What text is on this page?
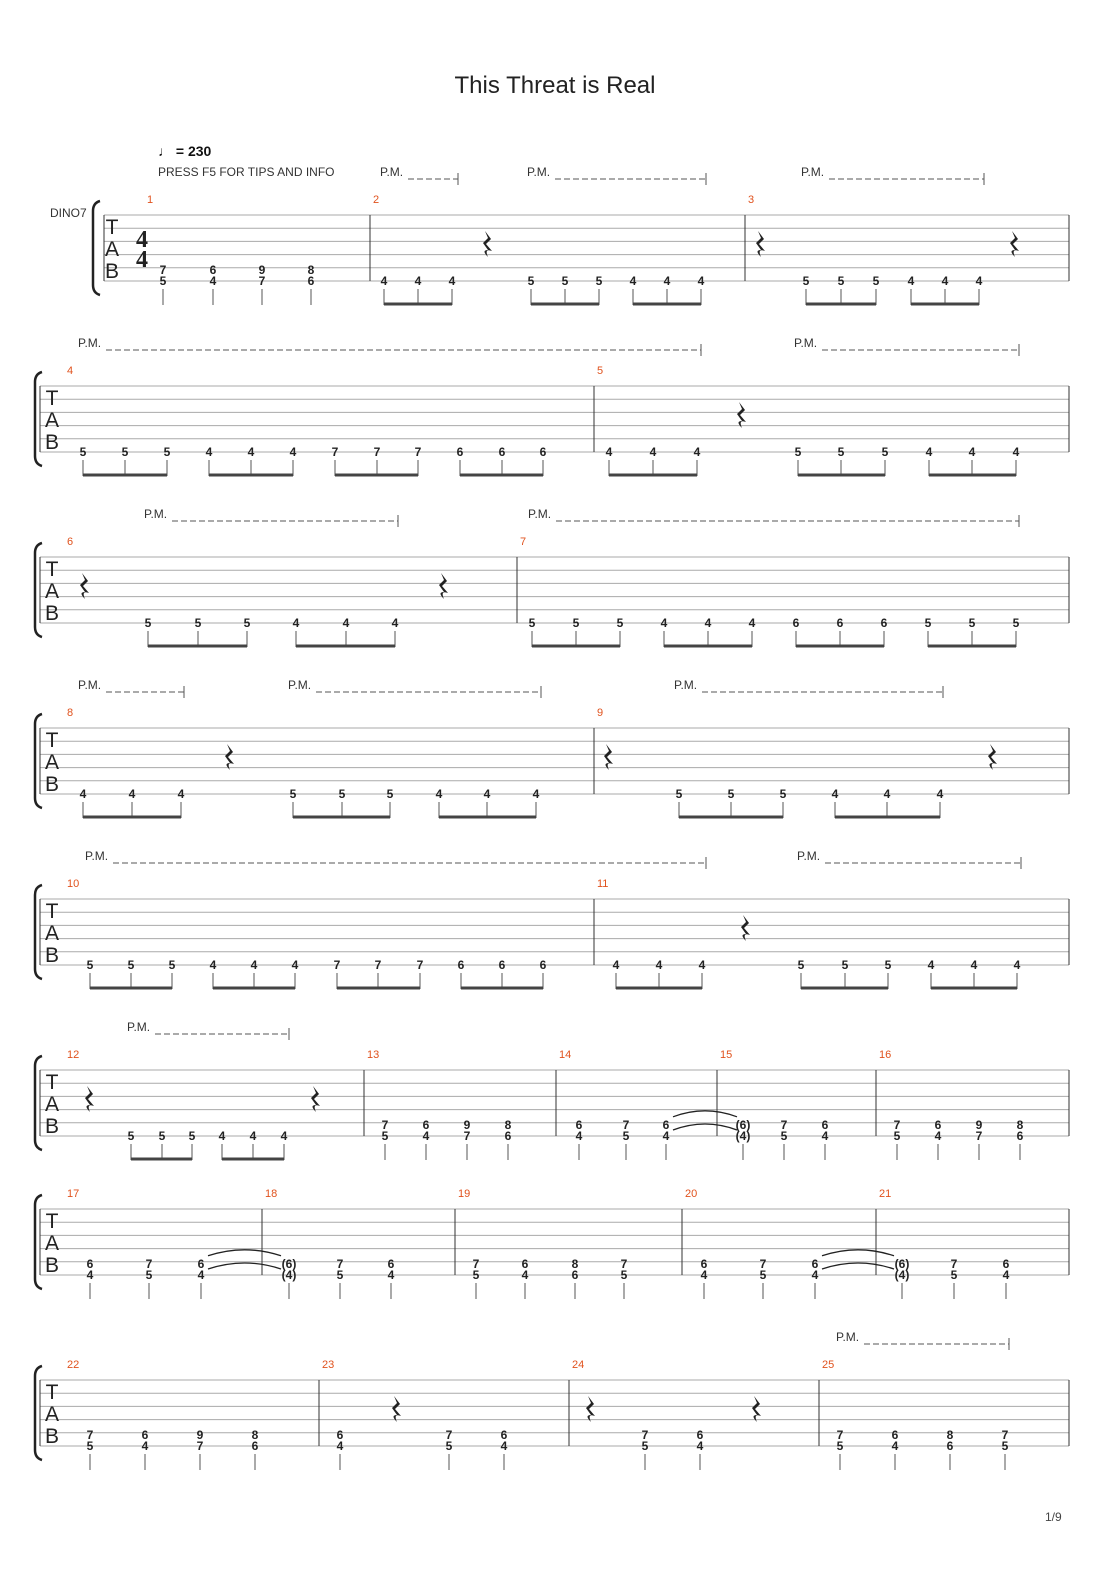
This Threat is Real
♩ = 230
PRESS F5 FOR TIPS AND INFO
DINO7
T
A
B
4
4
P.M.	P.M.	P.M.
1
5
7
4
6
7
9
6
8
2
4 4 4	5 5 5 4 4 4
3
5 5 5 4 4 4
T
A
B
P.M.	P.M.
4
5	5	5	4	4	4	7	7	7	6	6	6
5
4	4	4	5	5	5	4	4	4
T
A
B
P.M.	P.M.
6
5	5	5	4	4	4
7
5	5	5	4	4	4	6	6	6	5	5	5
T
A
B
P.M.	P.M.	P.M.
8
4	4	4	5	5	5	4	4	4
9
5	5	5	4	4	4
T
A
B
P.M.	P.M.
10
5	5	5	4	4	4	7	7	7	6	6	6
11
4	4	4	5	5	5	4	4	4
T
A
B
P.M.
12
5 5 5 4 4 4
13
5
7
4
6
7
9
6
8
14
4
6
5
7
4
6
15
(4)
(6)
5
7
4
6
16
5
7
4
6
7
9
6
8
T
A
B
17
4
6
5
7
4
6
18
(4)
(6)
5
7
4
6
19
5
7
4
6
6
8
5
7
20
4
6
5
7
4
6
21
(4)
(6)
5
7
4
6
T
A
B
P.M.
22
5
7
4
6
7
9
6
8
23
4
6
5
7
4
6
24
5
7
4
6
25
5
7
4
6
6
8
5
7
1/9
